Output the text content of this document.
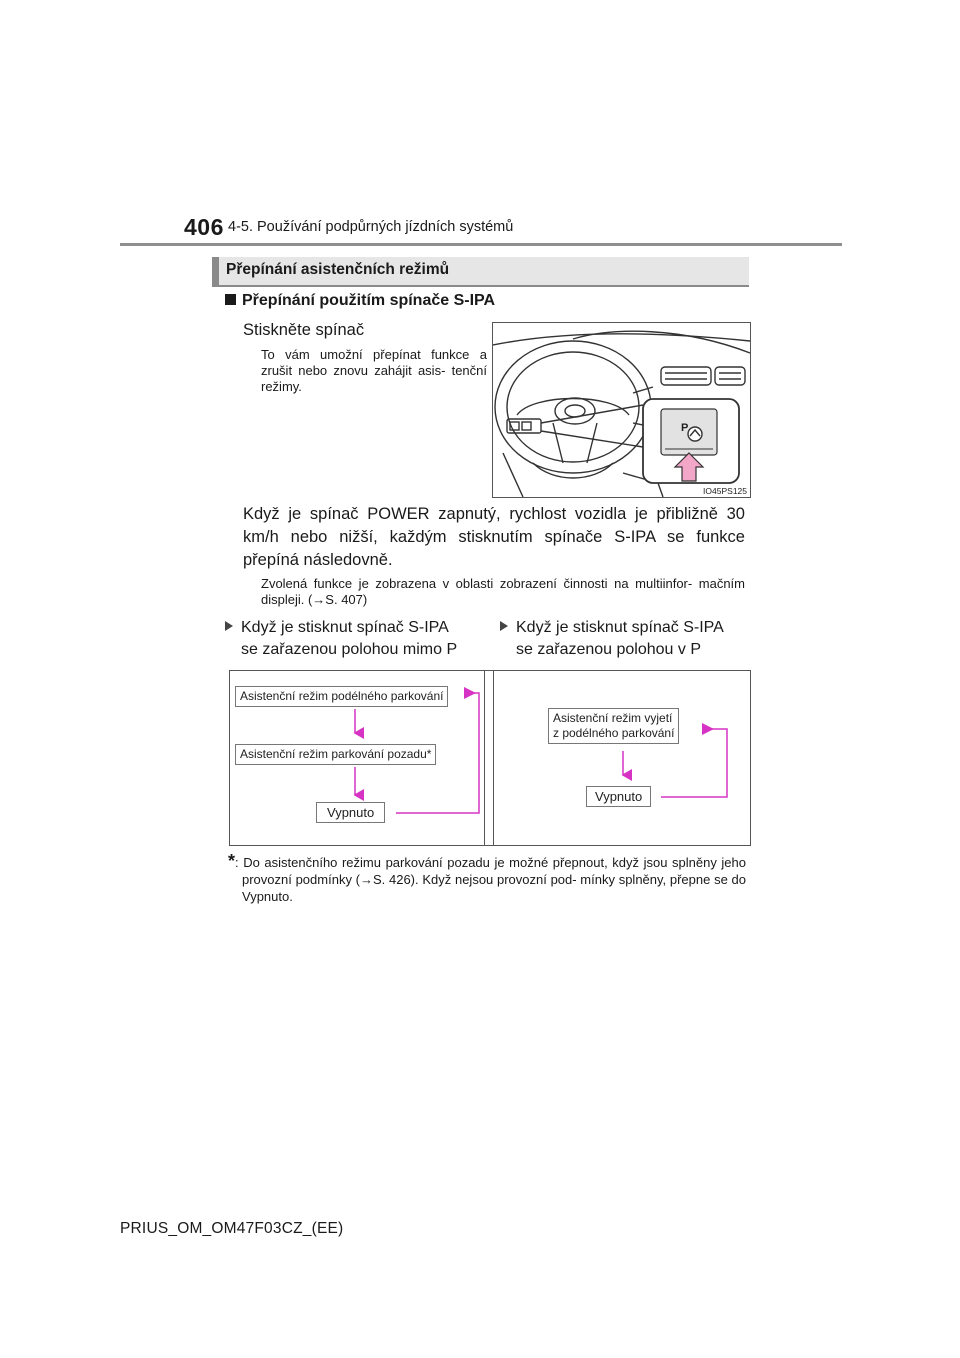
406 4-5. Používání podpůrných jízdních systémů
Přepínání asistenčních režimů
Přepínání použitím spínače S-IPA
Stiskněte spínač
To vám umožní přepínat funkce a zrušit nebo znovu zahájit asis- tenční režimy.
P
IO45PS125
Když je spínač POWER zapnutý, rychlost vozidla je přibližně 30 km/h nebo nižší, každým stisknutím spínače S-IPA se funkce přepíná následovně.
Zvolená funkce je zobrazena v oblasti zobrazení činnosti na multiinfor- mačním displeji. (→S. 407)
Když je stisknut spínač S-IPA
se zařazenou polohou mimo P
Když je stisknut spínač S-IPA
se zařazenou polohou v P
Asistenční režim podélného parkování
Asistenční režim parkování pozadu*
Vypnuto
Asistenční režim vyjetí
z podélného parkování
Vypnuto
*: Do asistenčního režimu parkování pozadu je možné přepnout, když jsou splněny jeho provozní podmínky (→S. 426). Když nejsou provozní pod- mínky splněny, přepne se do Vypnuto.
PRIUS_OM_OM47F03CZ_(EE)
